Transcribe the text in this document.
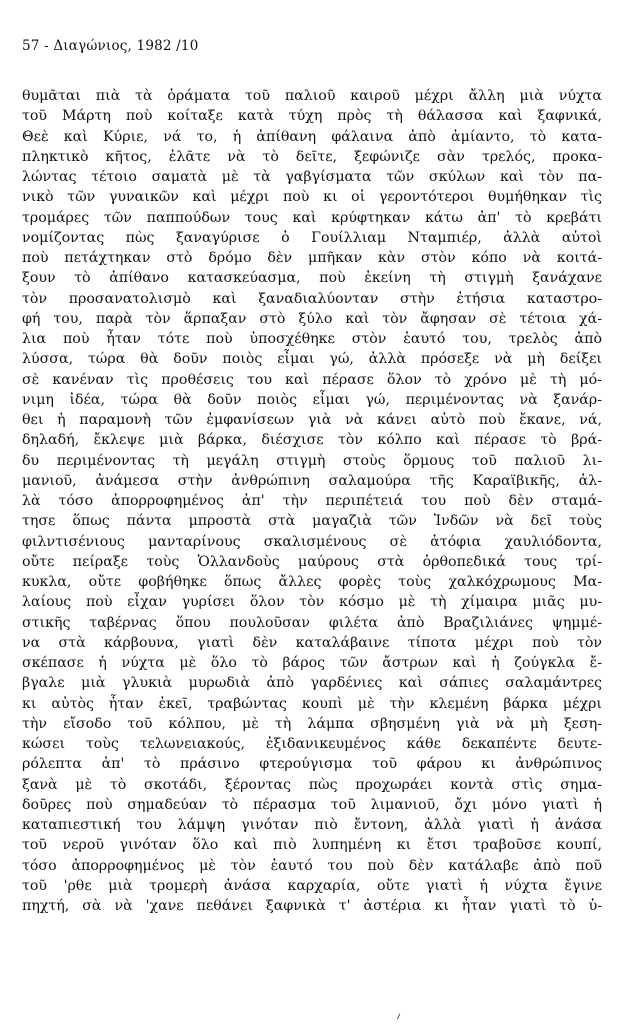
57 - Διαγώνιος, 1982 /10
θυμᾶται πιὰ τὰ ὁράματα τοῦ παλιοῦ καιροῦ μέχρι ἄλλη μιὰ νύχτα
τοῦ Μάρτη ποὺ κοίταξε κατὰ τύχη πρὸς τὴ θάλασσα καὶ ξαφνικά,
Θεὲ καὶ Κύριε, νά το, ἡ ἀπίθανη φάλαινα ἀπὸ ἀμίαντο, τὸ κατα-
πληκτικὸ κῆτος, ἐλᾶτε νὰ τὸ δεῖτε, ξεφώνιζε σὰν τρελός, προκα-
λώντας τέτοιο σαματὰ μὲ τὰ γαβγίσματα τῶν σκύλων καὶ τὸν πα-
νικὸ τῶν γυναικῶν καὶ μέχρι ποὺ κι οἱ γεροντότεροι θυμήθηκαν τὶς
τρομάρες τῶν παππούδων τους καὶ κρύφτηκαν κάτω ἀπ' τὸ κρεβάτι
νομίζοντας πὼς ξαναγύρισε ὁ Γουίλλιαμ Νταμπιέρ, ἀλλὰ αὐτοὶ
ποὺ πετάχτηκαν στὸ δρόμο δὲν μπῆκαν κὰν στὸν κόπο νὰ κοιτά-
ξουν τὸ ἀπίθανο κατασκεύασμα, ποὺ ἐκείνη τὴ στιγμὴ ξανάχανε
τὸν προσανατολισμὸ καὶ ξαναδιαλύονταν στὴν ἐτήσια καταστρο-
φή του, παρὰ τὸν ἅρπαξαν στὸ ξύλο καὶ τὸν ἄφησαν σὲ τέτοια χά-
λια ποὺ ἦταν τότε ποὺ ὑποσχέθηκε στὸν ἑαυτό του, τρελὸς ἀπὸ
λύσσα, τώρα θὰ δοῦν ποιὸς εἶμαι γώ, ἀλλὰ πρόσεξε νὰ μὴ δείξει
σὲ κανέναν τὶς προθέσεις του καὶ πέρασε ὅλον τὸ χρόνο μὲ τὴ μό-
νιμη ἰδέα, τώρα θὰ δοῦν ποιὸς εἶμαι γώ, περιμένοντας νὰ ξανάρ-
θει ἡ παραμονὴ τῶν ἐμφανίσεων γιὰ νὰ κάνει αὐτὸ ποὺ ἔκανε, νά,
δηλαδή, ἔκλεψε μιὰ βάρκα, διέσχισε τὸν κόλπο καὶ πέρασε τὸ βρά-
δυ περιμένοντας τὴ μεγάλη στιγμὴ στοὺς ὅρμους τοῦ παλιοῦ λι-
μανιοῦ, ἀνάμεσα στὴν ἀνθρώπινη σαλαμούρα τῆς Καραϊβικῆς, ἀλ-
λὰ τόσο ἀπορροφημένος ἀπ' τὴν περιπέτειά του ποὺ δὲν σταμά-
τησε ὅπως πάντα μπροστὰ στὰ μαγαζιὰ τῶν Ἰνδῶν νὰ δεῖ τοὺς
φιλντισένιους μανταρίνους σκαλισμένους σὲ ἀτόφια χαυλιόδοντα,
οὔτε πείραξε τοὺς Ὁλλανδοὺς μαύρους στὰ ὀρθοπεδικά τους τρί-
κυκλα, οὔτε φοβήθηκε ὅπως ἄλλες φορὲς τοὺς χαλκόχρωμους Μα-
λαίους ποὺ εἶχαν γυρίσει ὅλον τὸν κόσμο μὲ τὴ χίμαιρα μιᾶς μυ-
στικῆς ταβέρνας ὅπου πουλοῦσαν φιλέτα ἀπὸ Βραζιλιάνες ψημμέ-
να στὰ κάρβουνα, γιατὶ δὲν καταλάβαινε τίποτα μέχρι ποὺ τὸν
σκέπασε ἡ νύχτα μὲ ὅλο τὸ βάρος τῶν ἄστρων καὶ ἡ ζούγκλα ἔ-
βγαλε μιὰ γλυκιὰ μυρωδιὰ ἀπὸ γαρδένιες καὶ σάπιες σαλαμάντρες
κι αὐτὸς ἦταν ἐκεῖ, τραβώντας κουπὶ μὲ τὴν κλεμένη βάρκα μέχρι
τὴν εἴσοδο τοῦ κόλπου, μὲ τὴ λάμπα σβησμένη γιὰ νὰ μὴ ξεση-
κώσει τοὺς τελωνειακούς, ἐξιδανικευμένος κάθε δεκαπέντε δευτε-
ρόλεπτα ἀπ' τὸ πράσινο φτερούγισμα τοῦ φάρου κι ἀνθρώπινος
ξανὰ μὲ τὸ σκοτάδι, ξέροντας πὼς προχωράει κοντὰ στὶς σημα-
δοῦρες ποὺ σημαδεύαν τὸ πέρασμα τοῦ λιμανιοῦ, ὄχι μόνο γιατὶ ἡ
καταπιεστική του λάμψη γινόταν πιὸ ἔντονη, ἀλλὰ γιατὶ ἡ ἀνάσα
τοῦ νεροῦ γινόταν ὅλο καὶ πιὸ λυπημένη κι ἔτσι τραβοῦσε κουπί,
τόσο ἀπορροφημένος μὲ τὸν ἑαυτό του ποὺ δὲν κατάλαβε ἀπὸ ποῦ
τοῦ 'ρθε μιὰ τρομερὴ ἀνάσα καρχαρία, οὔτε γιατὶ ἡ νύχτα ἔγινε
πηχτή, σὰ νὰ 'χανε πεθάνει ξαφνικὰ τ' ἀστέρια κι ἦταν γιατὶ τὸ ὑ-
